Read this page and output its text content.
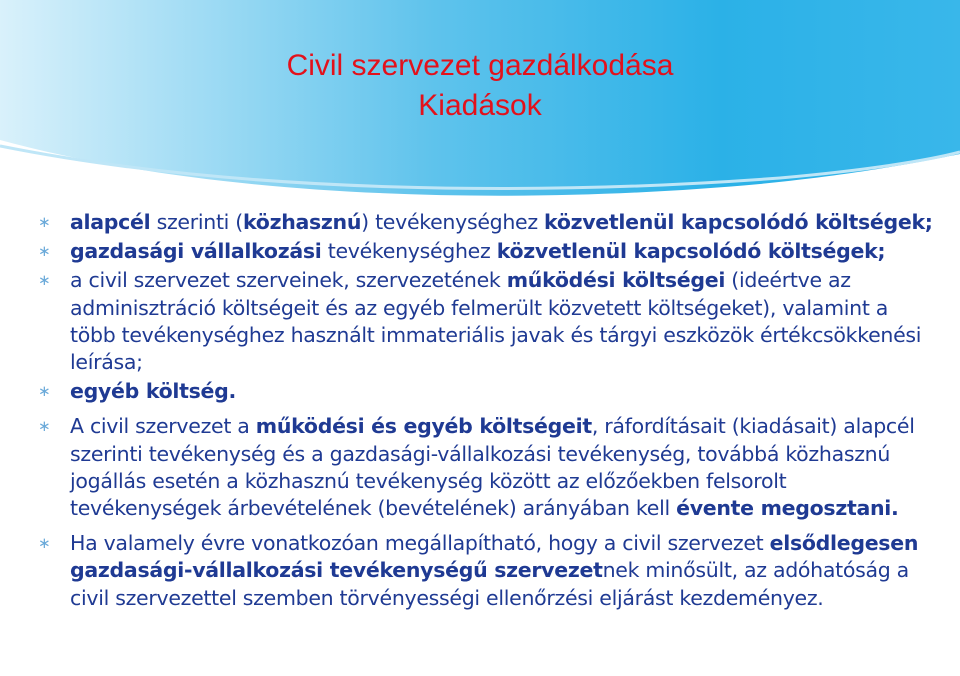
Civil szervezet gazdálkodása
Kiadások
∗ alapcél szerinti (közhasznú) tevékenységhez közvetlenül kapcsolódó költségek;
∗ gazdasági vállalkozási tevékenységhez közvetlenül kapcsolódó költségek;
∗ a civil szervezet szerveinek, szervezetének működési költségei (ideértve az adminisztráció költségeit és az egyéb felmerült közvetett költségeket), valamint a több tevékenységhez használt immateriális javak és tárgyi eszközök értékcsökkenési leírása;
∗ egyéb költség.
∗ A civil szervezet a működési és egyéb költségeit, ráfordításait (kiadásait) alapcél szerinti tevékenység és a gazdasági-vállalkozási tevékenység, továbbá közhasznú jogállás esetén a közhasznú tevékenység között az előzőekben felsorolt tevékenységek árbevételének (bevételének) arányában kell évente megosztani.
∗ Ha valamely évre vonatkozóan megállapítható, hogy a civil szervezet elsődlegesen gazdasági-vállalkozási tevékenységű szervezetnek minősült, az adóhatóság a civil szervezettel szemben törvényességi ellenőrzési eljárást kezdeményez.
